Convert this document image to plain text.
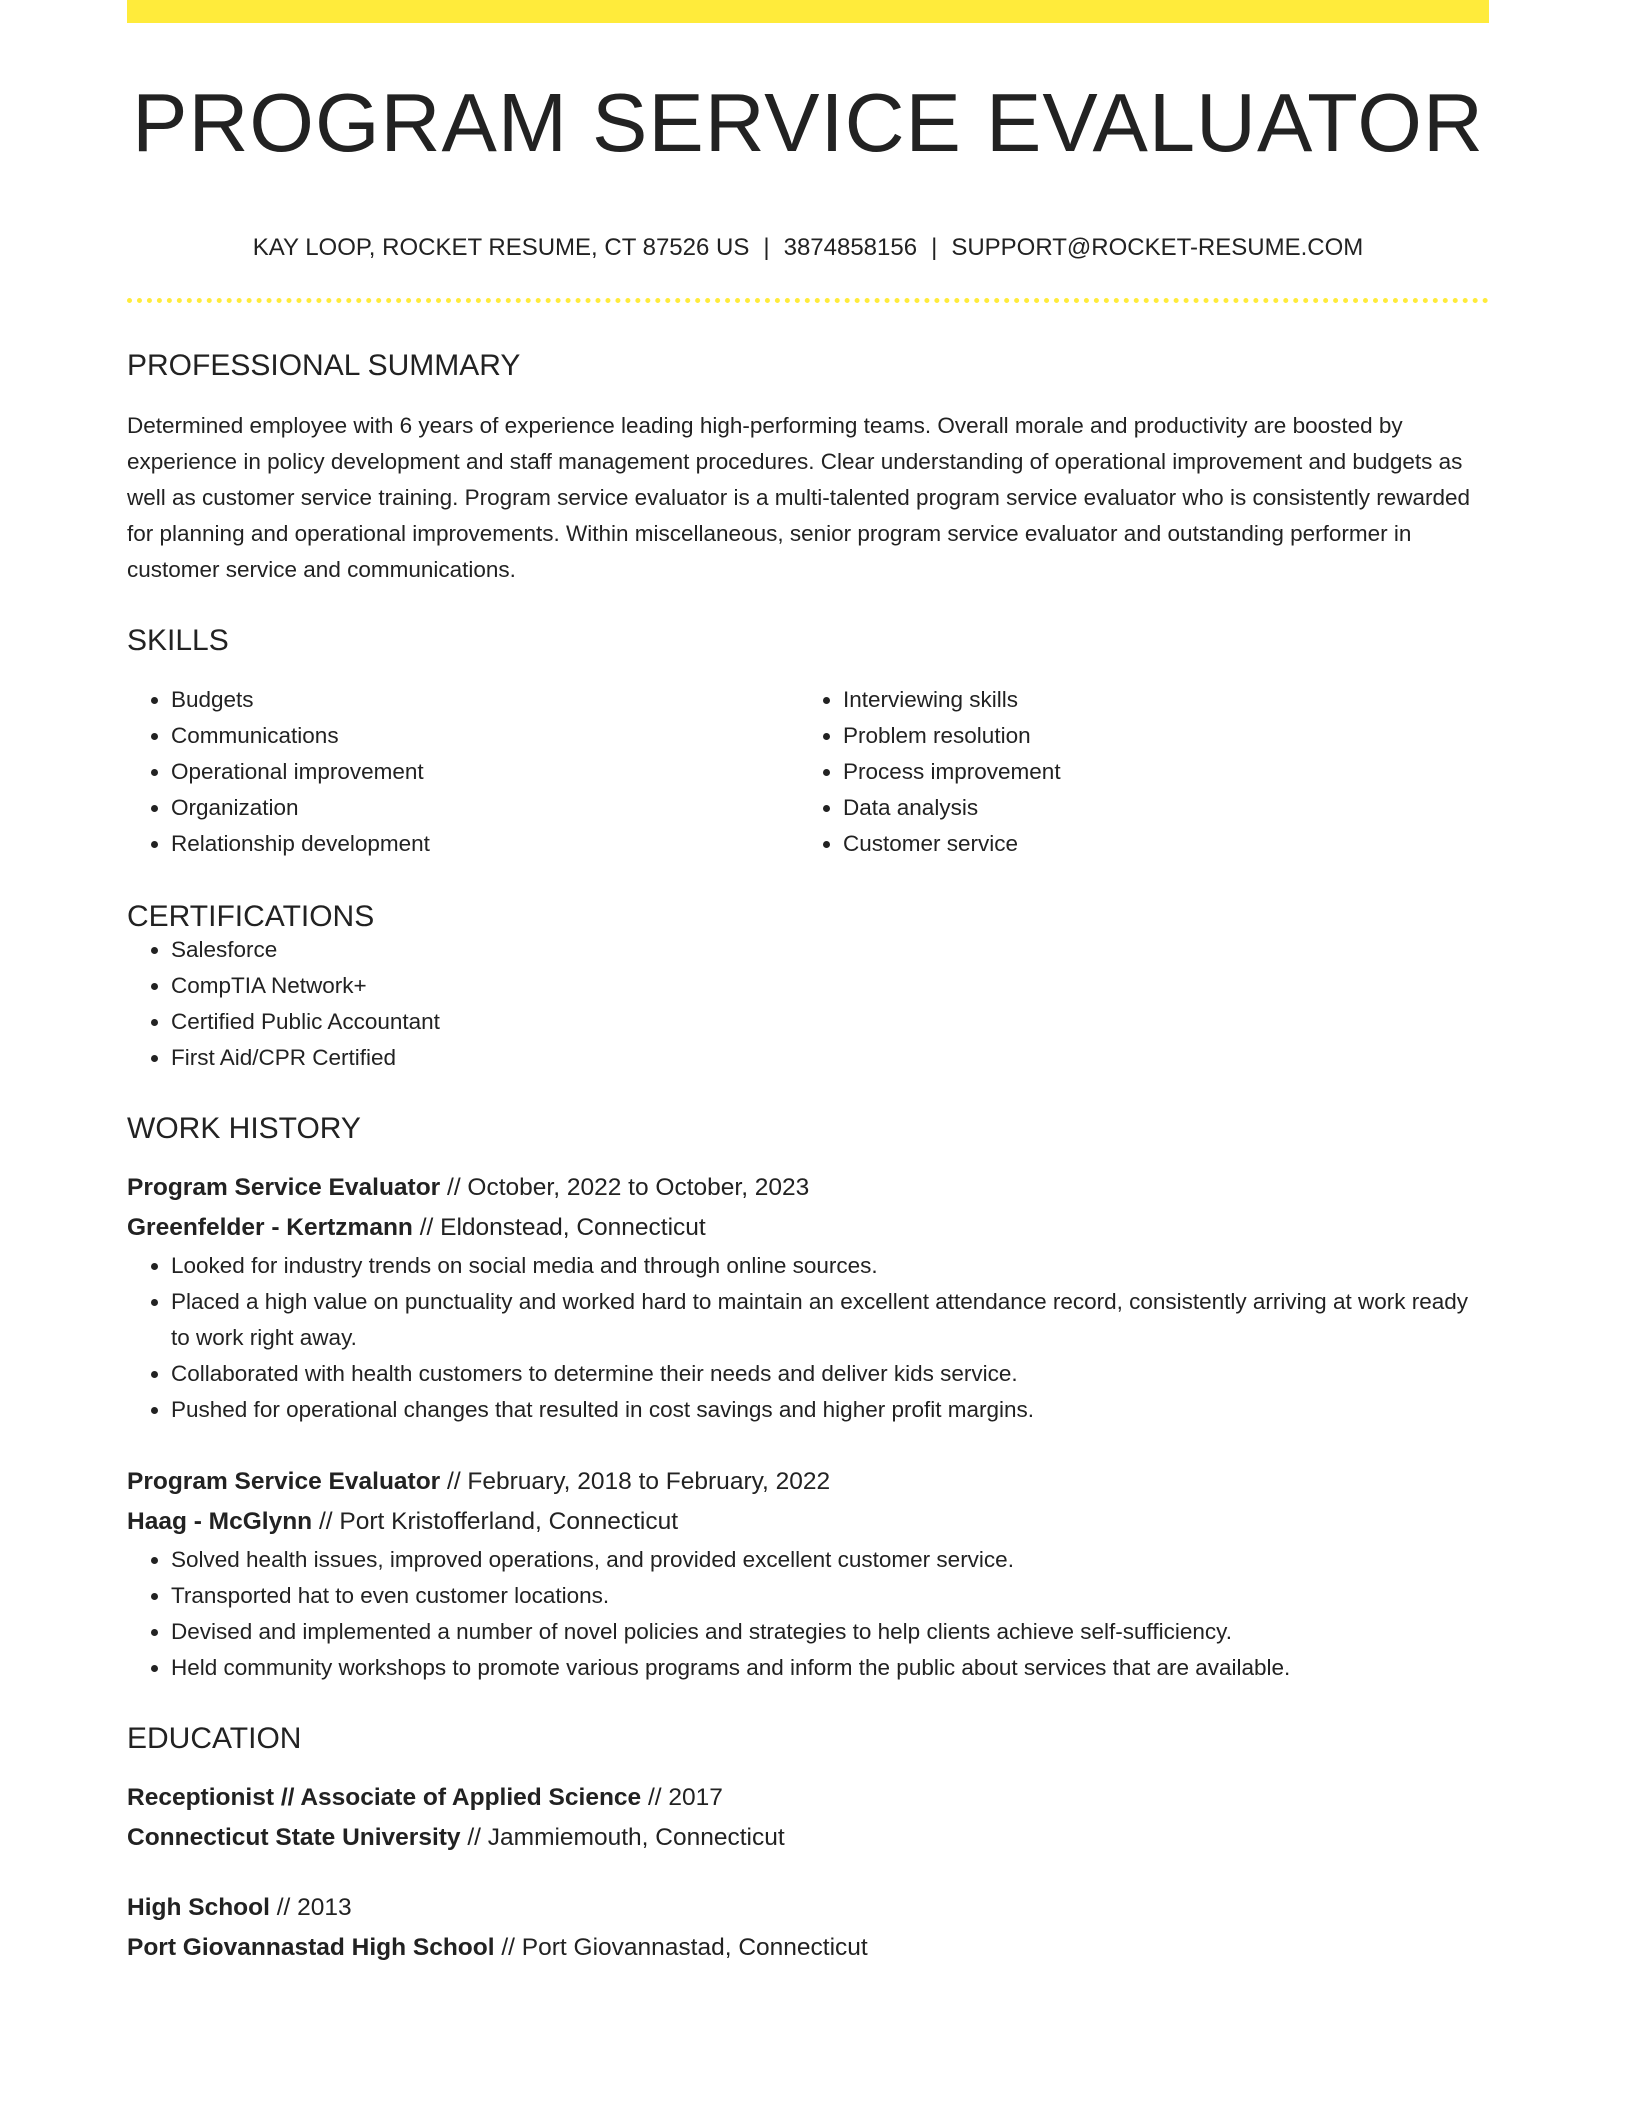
PROGRAM SERVICE EVALUATOR
KAY LOOP, ROCKET RESUME, CT 87526 US | 3874858156 | SUPPORT@ROCKET-RESUME.COM
PROFESSIONAL SUMMARY
Determined employee with 6 years of experience leading high-performing teams. Overall morale and productivity are boosted by experience in policy development and staff management procedures. Clear understanding of operational improvement and budgets as well as customer service training. Program service evaluator is a multi-talented program service evaluator who is consistently rewarded for planning and operational improvements. Within miscellaneous, senior program service evaluator and outstanding performer in customer service and communications.
SKILLS
• Budgets
• Communications
• Operational improvement
• Organization
• Relationship development
• Interviewing skills
• Problem resolution
• Process improvement
• Data analysis
• Customer service
CERTIFICATIONS
• Salesforce
• CompTIA Network+
• Certified Public Accountant
• First Aid/CPR Certified
WORK HISTORY
Program Service Evaluator // October, 2022 to October, 2023
Greenfelder - Kertzmann // Eldonstead, Connecticut
• Looked for industry trends on social media and through online sources.
• Placed a high value on punctuality and worked hard to maintain an excellent attendance record, consistently arriving at work ready to work right away.
• Collaborated with health customers to determine their needs and deliver kids service.
• Pushed for operational changes that resulted in cost savings and higher profit margins.
Program Service Evaluator // February, 2018 to February, 2022
Haag - McGlynn // Port Kristofferland, Connecticut
• Solved health issues, improved operations, and provided excellent customer service.
• Transported hat to even customer locations.
• Devised and implemented a number of novel policies and strategies to help clients achieve self-sufficiency.
• Held community workshops to promote various programs and inform the public about services that are available.
EDUCATION
Receptionist // Associate of Applied Science // 2017
Connecticut State University // Jammiemouth, Connecticut
High School // 2013
Port Giovannastad High School // Port Giovannastad, Connecticut
